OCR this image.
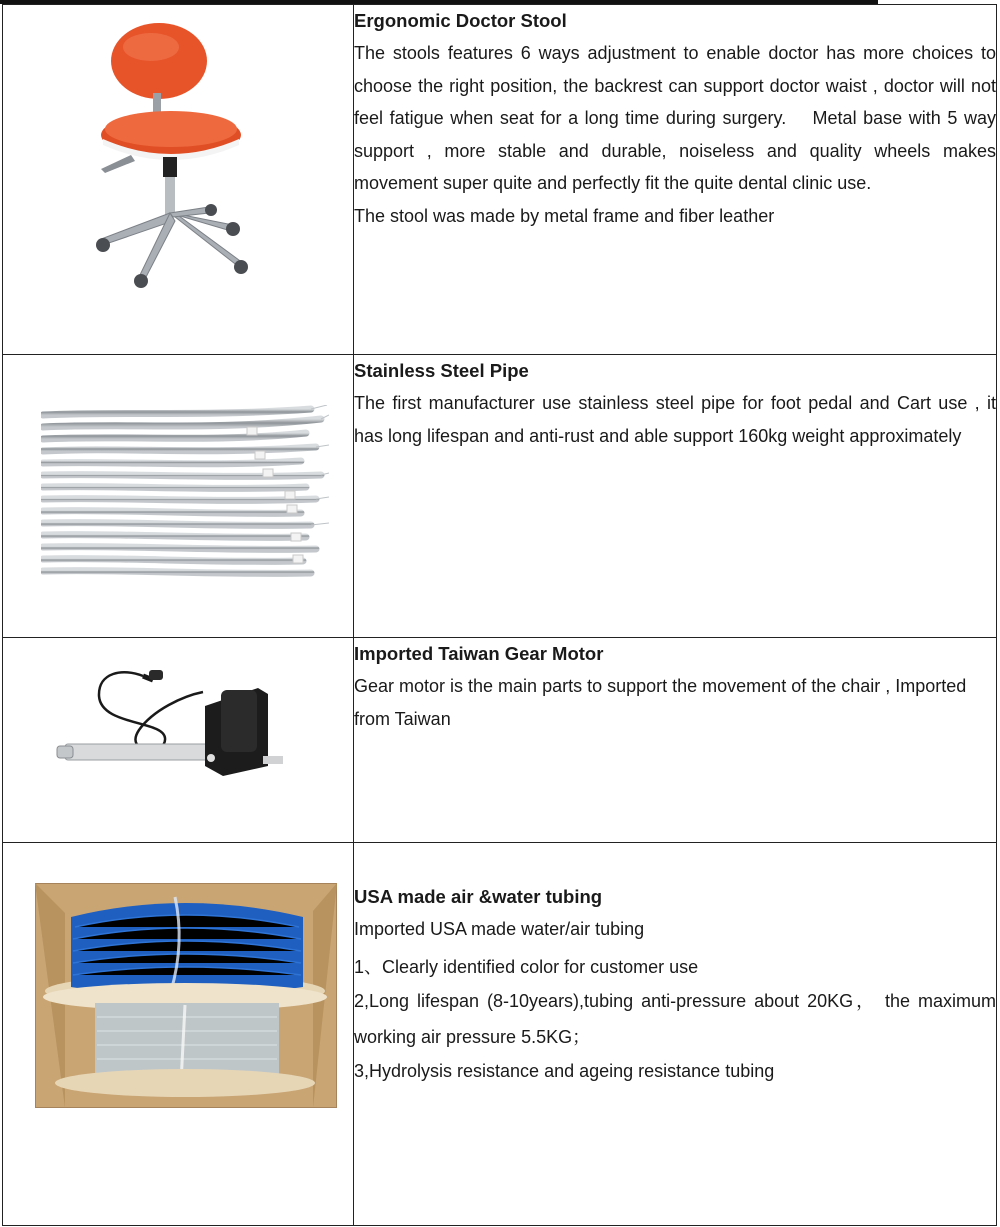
Ergonomic Doctor Stool

The stools features 6 ways adjustment to enable doctor has more choices to choose the right position, the backrest can support doctor waist , doctor will not feel fatigue when seat for a long time during surgery.    Metal base with 5 way support , more stable and durable, noiseless and quality wheels makes movement super quite and perfectly fit the quite dental clinic use.

The stool was made by metal frame and fiber leather

Stainless Steel Pipe

The first manufacturer use stainless steel pipe for foot pedal and Cart use , it has long lifespan and anti-rust and able support 160kg weight approximately

Imported Taiwan Gear Motor

Gear motor is the main parts to support the movement of the chair , Imported from Taiwan

USA made air &water tubing

Imported USA made water/air tubing

1、Clearly identified color for customer use

2,Long lifespan (8-10years),tubing anti-pressure about 20KG， the maximum working air pressure 5.5KG；

3,Hydrolysis resistance and ageing resistance tubing
